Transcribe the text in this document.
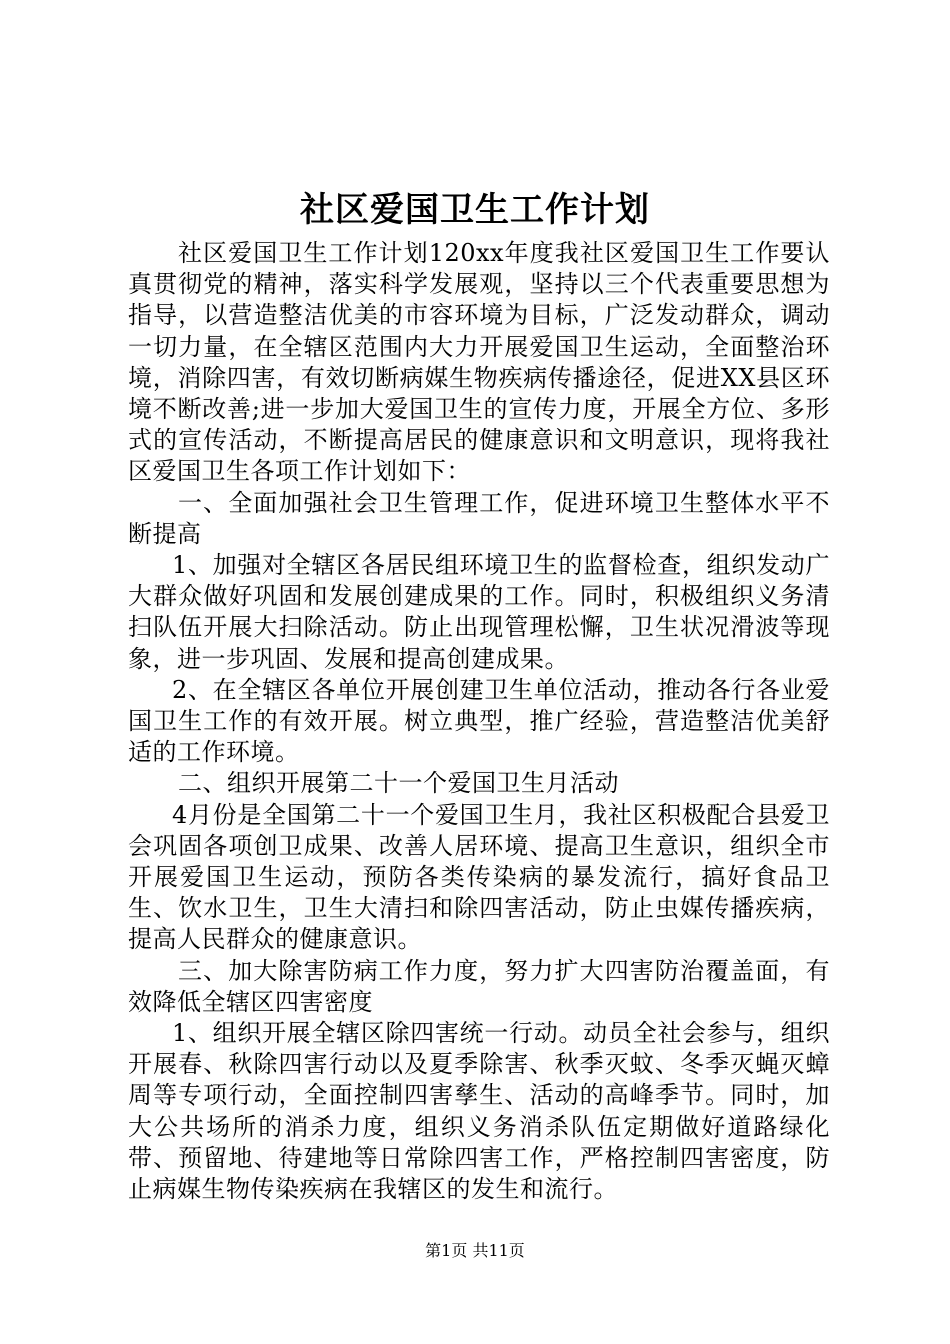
社区爱国卫生工作计划

社区爱国卫生工作计划120xx年度我社区爱国卫生工作要认真贯彻党的精神，落实科学发展观，坚持以三个代表重要思想为指导，以营造整洁优美的市容环境为目标，广泛发动群众，调动一切力量，在全辖区范围内大力开展爱国卫生运动，全面整治环境，消除四害，有效切断病媒生物疾病传播途径，促进XX县区环境不断改善;进一步加大爱国卫生的宣传力度，开展全方位、多形式的宣传活动，不断提高居民的健康意识和文明意识，现将我社区爱国卫生各项工作计划如下：

一、全面加强社会卫生管理工作，促进环境卫生整体水平不断提高

1、加强对全辖区各居民组环境卫生的监督检查，组织发动广大群众做好巩固和发展创建成果的工作。同时，积极组织义务清扫队伍开展大扫除活动。防止出现管理松懈，卫生状况滑波等现象，进一步巩固、发展和提高创建成果。

2、在全辖区各单位开展创建卫生单位活动，推动各行各业爱国卫生工作的有效开展。树立典型，推广经验，营造整洁优美舒适的工作环境。

二、组织开展第二十一个爱国卫生月活动

4月份是全国第二十一个爱国卫生月，我社区积极配合县爱卫会巩固各项创卫成果、改善人居环境、提高卫生意识，组织全市开展爱国卫生运动，预防各类传染病的暴发流行，搞好食品卫生、饮水卫生，卫生大清扫和除四害活动，防止虫媒传播疾病，提高人民群众的健康意识。

三、加大除害防病工作力度，努力扩大四害防治覆盖面，有效降低全辖区四害密度

1、组织开展全辖区除四害统一行动。动员全社会参与，组织开展春、秋除四害行动以及夏季除害、秋季灭蚊、冬季灭蝇灭蟑周等专项行动，全面控制四害孳生、活动的高峰季节。同时，加大公共场所的消杀力度，组织义务消杀队伍定期做好道路绿化带、预留地、待建地等日常除四害工作，严格控制四害密度，防止病媒生物传染疾病在我辖区的发生和流行。

第1页 共11页
